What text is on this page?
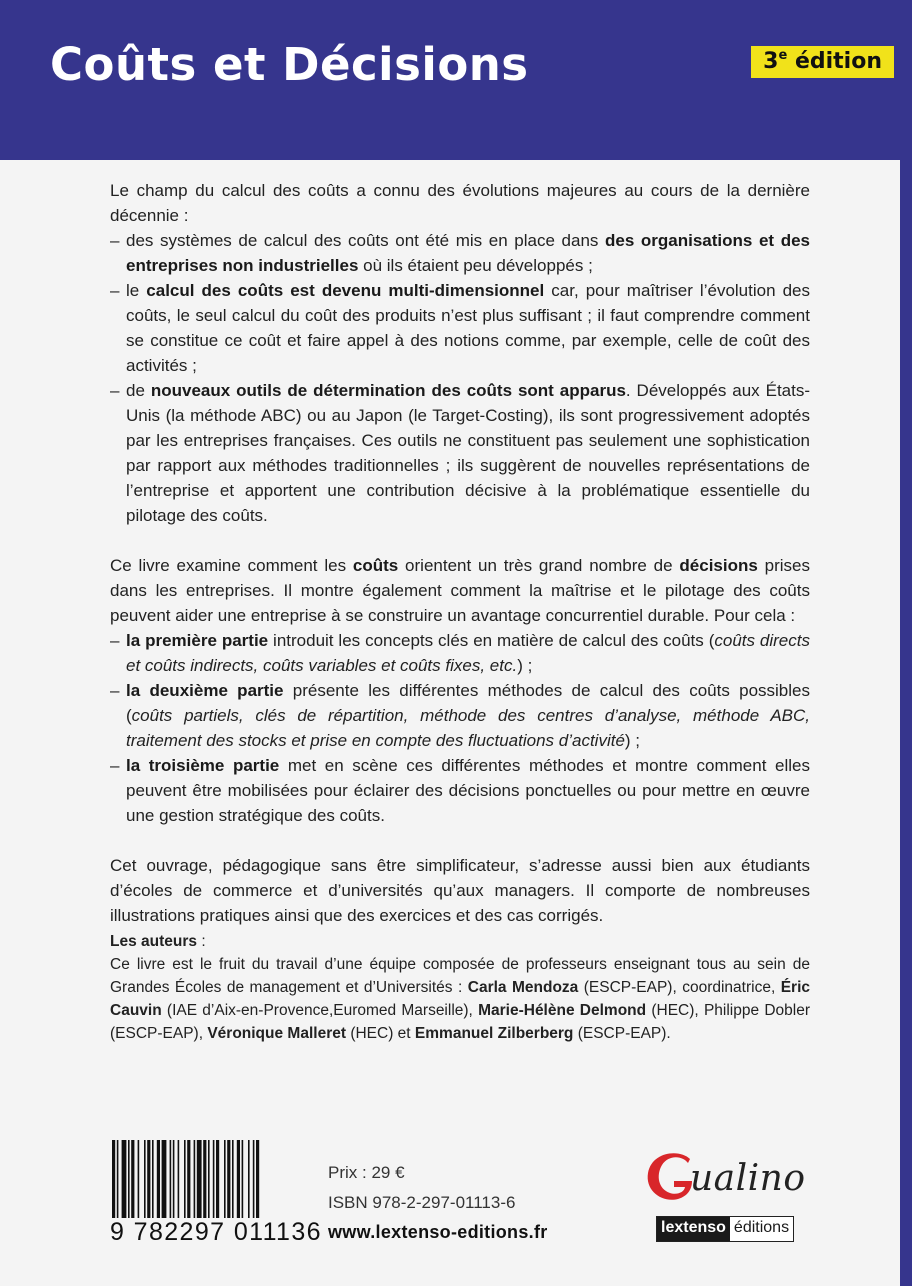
Coûts et Décisions	3e édition

Le champ du calcul des coûts a connu des évolutions majeures au cours de la dernière décennie :

– des systèmes de calcul des coûts ont été mis en place dans des organisations et des entreprises non industrielles où ils étaient peu développés ;

– le calcul des coûts est devenu multi-dimensionnel car, pour maîtriser l’évolution des coûts, le seul calcul du coût des produits n’est plus suffisant ; il faut comprendre comment se constitue ce coût et faire appel à des notions comme, par exemple, celle de coût des activités ;

– de nouveaux outils de détermination des coûts sont apparus. Développés aux États-Unis (la méthode ABC) ou au Japon (le Target-Costing), ils sont progressivement adoptés par les entreprises françaises. Ces outils ne constituent pas seulement une sophistication par rapport aux méthodes traditionnelles ; ils suggèrent de nouvelles représentations de l’entreprise et apportent une contribution décisive à la problématique essentielle du pilotage des coûts.

Ce livre examine comment les coûts orientent un très grand nombre de décisions prises dans les entreprises. Il montre également comment la maîtrise et le pilotage des coûts peuvent aider une entreprise à se construire un avantage concurrentiel durable. Pour cela :

– la première partie introduit les concepts clés en matière de calcul des coûts (coûts directs et coûts indirects, coûts variables et coûts fixes, etc.) ;

– la deuxième partie présente les différentes méthodes de calcul des coûts possibles (coûts partiels, clés de répartition, méthode des centres d’analyse, méthode ABC, traitement des stocks et prise en compte des fluctuations d’activité) ;

– la troisième partie met en scène ces différentes méthodes et montre comment elles peuvent être mobilisées pour éclairer des décisions ponctuelles ou pour mettre en œuvre une gestion stratégique des coûts.

Cet ouvrage, pédagogique sans être simplificateur, s’adresse aussi bien aux étudiants d’écoles de commerce et d’universités qu’aux managers. Il comporte de nombreuses illustrations pratiques ainsi que des exercices et des cas corrigés.

Les auteurs :

Ce livre est le fruit du travail d’une équipe composée de professeurs enseignant tous au sein de Grandes Écoles de management et d’Universités : Carla Mendoza (ESCP-EAP), coordinatrice, Éric Cauvin (IAE d’Aix-en-Provence,Euromed Marseille), Marie-Hélène Delmond (HEC), Philippe Dobler (ESCP-EAP), Véronique Malleret (HEC) et Emmanuel Zilberberg (ESCP-EAP).

9 782297 011136
Prix : 29 €
ISBN 978-2-297-01113-6
www.lextenso-editions.fr
ualino
lextenso éditions
